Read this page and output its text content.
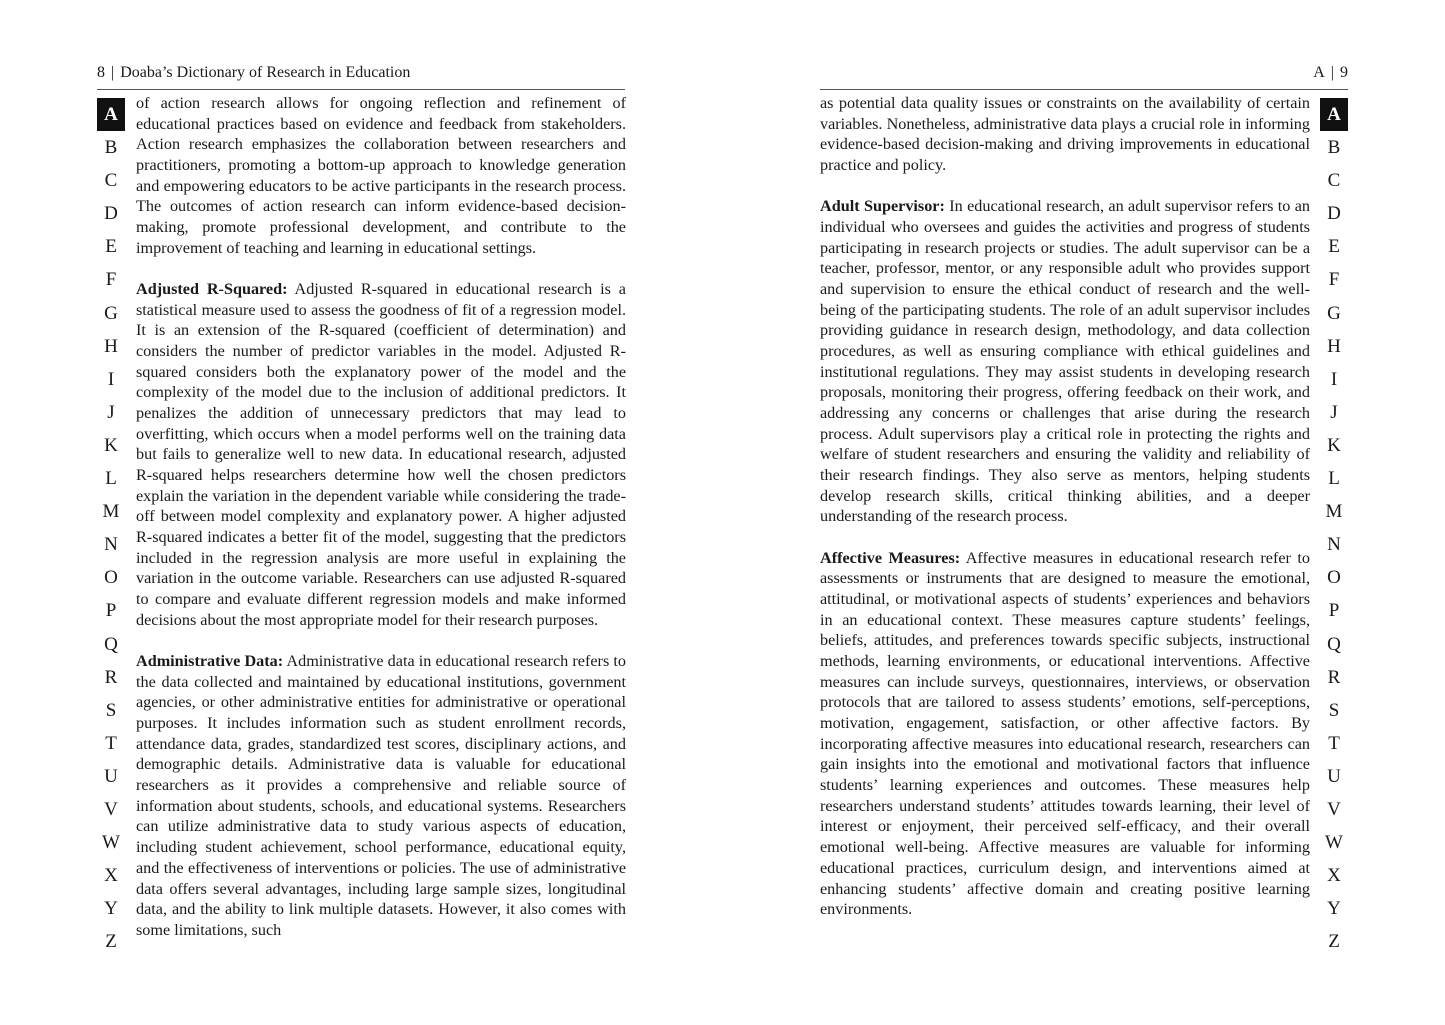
8 | Doaba’s Dictionary of Research in Education
A
B
C
D
E
F
G
H
I
J
K
L
M
N
O
P
Q
R
S
T
U
V
W
X
Y
Z

of action research allows for ongoing reflection and refinement of educational practices based on evidence and feedback from stakeholders. Action research emphasizes the collaboration between researchers and practitioners, promoting a bottom-up approach to knowledge generation and empowering educators to be active participants in the research process. The outcomes of action research can inform evidence-based decision-making, promote professional development, and contribute to the improvement of teaching and learning in educational settings.

Adjusted R-Squared: Adjusted R-squared in educational research is a statistical measure used to assess the goodness of fit of a regression model. It is an extension of the R-squared (coefficient of determination) and considers the number of predictor variables in the model. Adjusted R-squared considers both the explanatory power of the model and the complexity of the model due to the inclusion of additional predictors. It penalizes the addition of unnecessary predictors that may lead to overfitting, which occurs when a model performs well on the training data but fails to generalize well to new data. In educational research, adjusted R-squared helps researchers determine how well the chosen predictors explain the variation in the dependent variable while considering the trade-off between model complexity and explanatory power. A higher adjusted R-squared indicates a better fit of the model, suggesting that the predictors included in the regression analysis are more useful in explaining the variation in the outcome variable. Researchers can use adjusted R-squared to compare and evaluate different regression models and make informed decisions about the most appropriate model for their research purposes.

Administrative Data: Administrative data in educational research refers to the data collected and maintained by educational institutions, government agencies, or other administrative entities for administrative or operational purposes. It includes information such as student enrollment records, attendance data, grades, standardized test scores, disciplinary actions, and demographic details. Administrative data is valuable for educational researchers as it provides a comprehensive and reliable source of information about students, schools, and educational systems. Researchers can utilize administrative data to study various aspects of education, including student achievement, school performance, educational equity, and the effectiveness of interventions or policies. The use of administrative data offers several advantages, including large sample sizes, longitudinal data, and the ability to link multiple datasets. However, it also comes with some limitations, such

A | 9
A
B
C
D
E
F
G
H
I
J
K
L
M
N
O
P
Q
R
S
T
U
V
W
X
Y
Z

as potential data quality issues or constraints on the availability of certain variables. Nonetheless, administrative data plays a crucial role in informing evidence-based decision-making and driving improvements in educational practice and policy.

Adult Supervisor: In educational research, an adult supervisor refers to an individual who oversees and guides the activities and progress of students participating in research projects or studies. The adult supervisor can be a teacher, professor, mentor, or any responsible adult who provides support and supervision to ensure the ethical conduct of research and the well-being of the participating students. The role of an adult supervisor includes providing guidance in research design, methodology, and data collection procedures, as well as ensuring compliance with ethical guidelines and institutional regulations. They may assist students in developing research proposals, monitoring their progress, offering feedback on their work, and addressing any concerns or challenges that arise during the research process. Adult supervisors play a critical role in protecting the rights and welfare of student researchers and ensuring the validity and reliability of their research findings. They also serve as mentors, helping students develop research skills, critical thinking abilities, and a deeper understanding of the research process.

Affective Measures: Affective measures in educational research refer to assessments or instruments that are designed to measure the emotional, attitudinal, or motivational aspects of students’ experiences and behaviors in an educational context. These measures capture students’ feelings, beliefs, attitudes, and preferences towards specific subjects, instructional methods, learning environments, or educational interventions. Affective measures can include surveys, questionnaires, interviews, or observation protocols that are tailored to assess students’ emotions, self-perceptions, motivation, engagement, satisfaction, or other affective factors. By incorporating affective measures into educational research, researchers can gain insights into the emotional and motivational factors that influence students’ learning experiences and outcomes. These measures help researchers understand students’ attitudes towards learning, their level of interest or enjoyment, their perceived self-efficacy, and their overall emotional well-being. Affective measures are valuable for informing educational practices, curriculum design, and interventions aimed at enhancing students’ affective domain and creating positive learning environments.
